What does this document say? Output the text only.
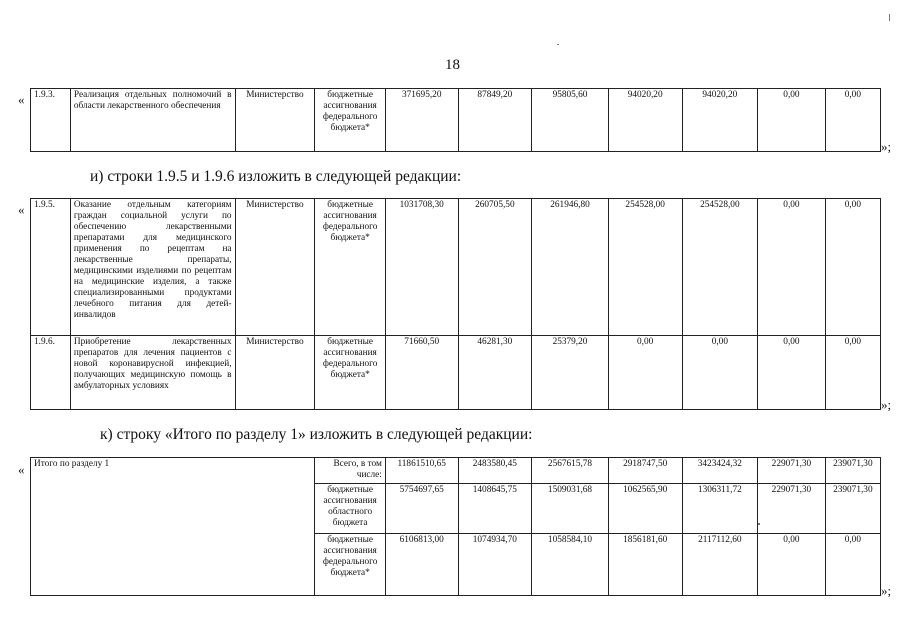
18
« 1.9.3.	Реализация отдельных полномочий в области лекарственного обеспечения	Министерство	бюджетные ассигнования федерального бюджета*	371695,20	87849,20	95805,60	94020,20	94020,20	0,00	0,00
»;
и) строки 1.9.5 и 1.9.6 изложить в следующей редакции:
« 1.9.5.	Оказание отдельным категориям граждан социальной услуги по обеспечению лекарственными препаратами для медицинского применения по рецептам на лекарственные препараты, медицинскими изделиями по рецептам на медицинские изделия, а также специализированными продуктами лечебного питания для детей-инвалидов	Министерство	бюджетные ассигнования федерального бюджета*	1031708,30	260705,50	261946,80	254528,00	254528,00	0,00	0,00
1.9.6.	Приобретение лекарственных препаратов для лечения пациентов с новой коронавирусной инфекцией, получающих медицинскую помощь в амбулаторных условиях	Министерство	бюджетные ассигнования федерального бюджета*	71660,50	46281,30	25379,20	0,00	0,00	0,00	0,00
»;
к) строку «Итого по разделу 1» изложить в следующей редакции:
« Итого по разделу 1	Всего, в том числе:	11861510,65	2483580,45	2567615,78	2918747,50	3423424,32	229071,30	239071,30
	бюджетные ассигнования областного бюджета	5754697,65	1408645,75	1509031,68	1062565,90	1306311,72	229071,30	239071,30
	бюджетные ассигнования федерального бюджета*	6106813,00	1074934,70	1058584,10	1856181,60	2117112,60	0,00	0,00
»;
